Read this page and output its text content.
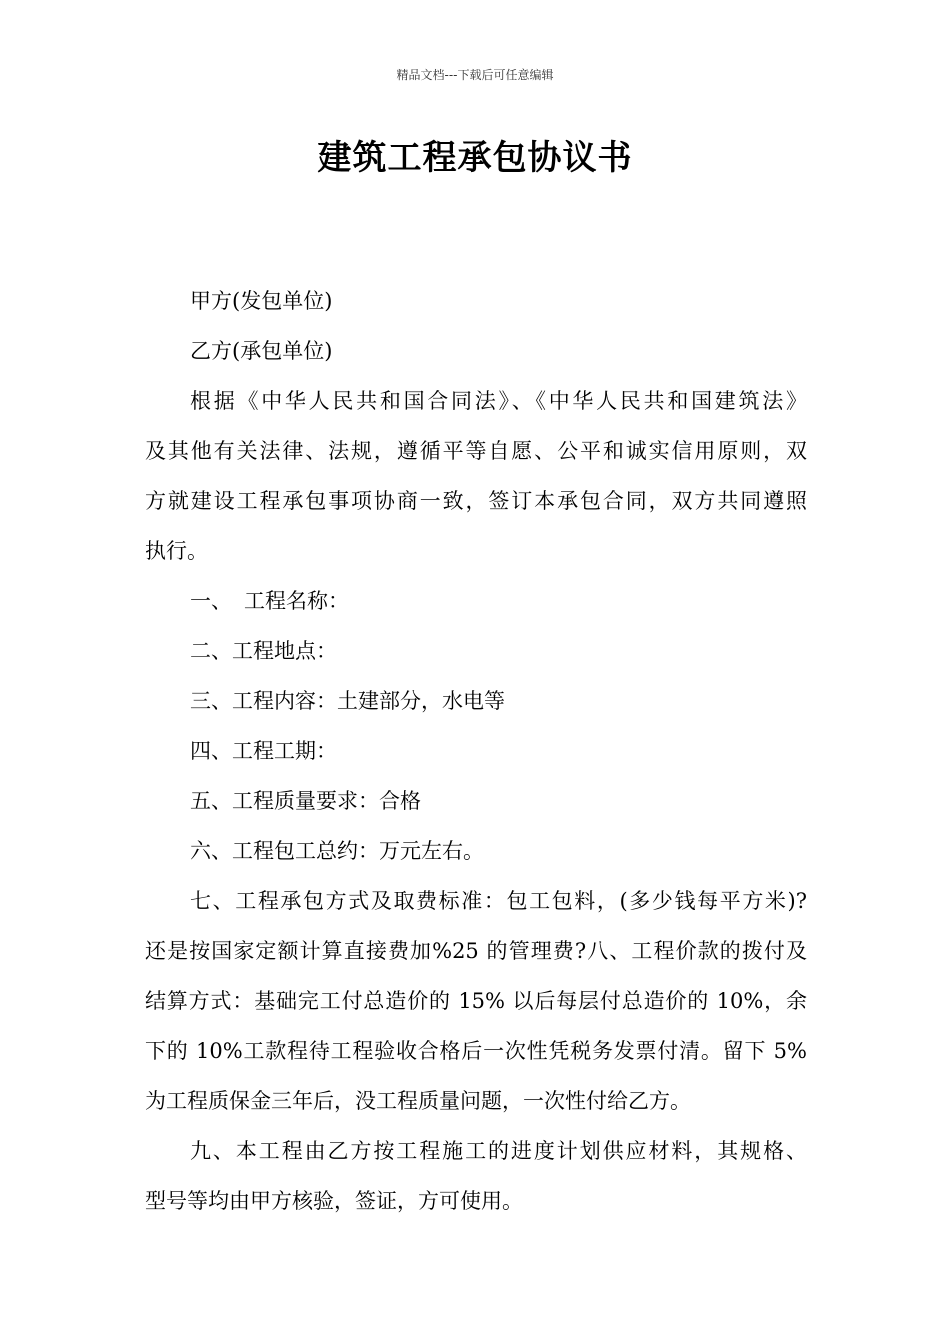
精品文档---下载后可任意编辑
建筑工程承包协议书
甲方(发包单位)
乙方(承包单位)
根据《中华人民共和国合同法》、《中华人民共和国建筑法》
及其他有关法律、法规，遵循平等自愿、公平和诚实信用原则，双
方就建设工程承包事项协商一致，签订本承包合同，双方共同遵照
执行。
一、 工程名称：
二、工程地点：
三、工程内容：土建部分，水电等
四、工程工期：
五、工程质量要求：合格
六、工程包工总约：万元左右。
七、工程承包方式及取费标准：包工包料，(多少钱每平方米)?
还是按国家定额计算直接费加%25 的管理费?八、工程价款的拨付及
结算方式：基础完工付总造价的 15% 以后每层付总造价的 10%，余
下的 10%工款程待工程验收合格后一次性凭税务发票付清。留下 5%
为工程质保金三年后，没工程质量问题，一次性付给乙方。
九、本工程由乙方按工程施工的进度计划供应材料，其规格、
型号等均由甲方核验，签证，方可使用。
